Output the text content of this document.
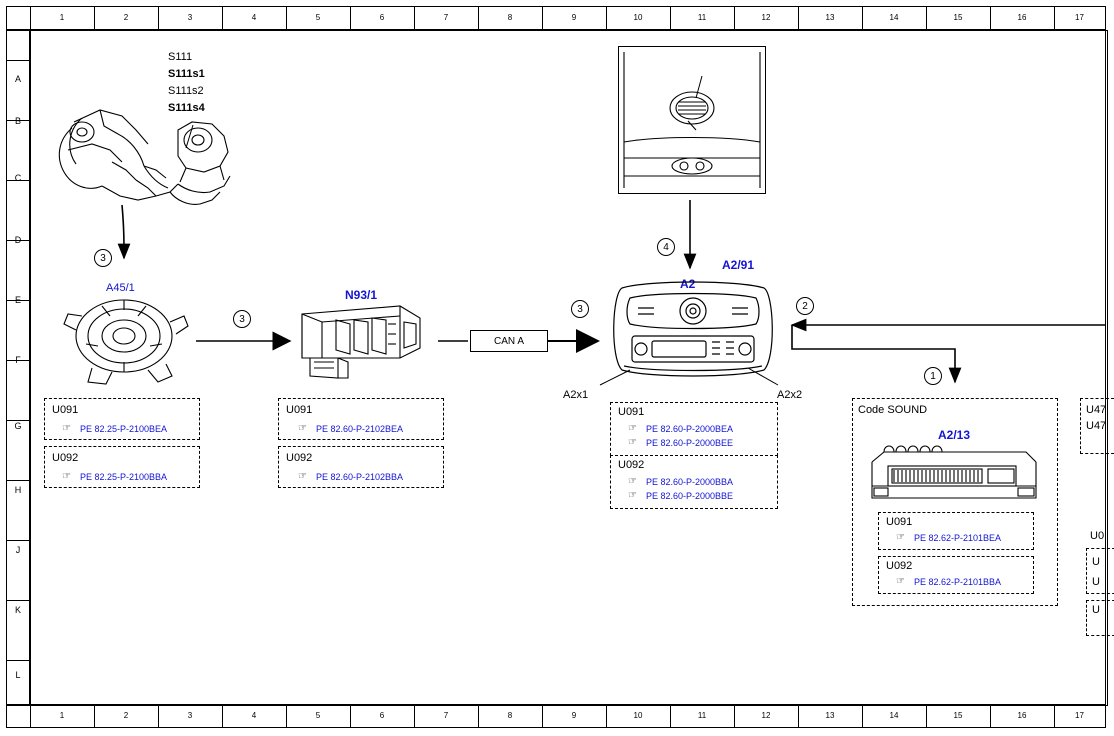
1	2	3	4	5	6	7	8	9	10	11	12	13	14	15	16	17
1	2	3	4	5	6	7	8	9	10	11	12	13	14	15	16	17
A
B
C
D
E
F
G
H
J
K
L
S111
S111s1
S111s2
S111s4
A45/1	N93/1
A2
A2/91
A2x1	A2x2
Code SOUND
A2/13
CAN A
3
3
3
4
2
1
U091
☞ PE 82.25-P-2100BEA
U092
☞ PE 82.25-P-2100BBA
U091
☞ PE 82.60-P-2102BEA
U092
☞ PE 82.60-P-2102BBA
U091
☞ PE 82.60-P-2000BEA
☞ PE 82.60-P-2000BEE
U092
☞ PE 82.60-P-2000BBA
☞ PE 82.60-P-2000BBE
U091
☞ PE 82.62-P-2101BEA
U092
☞ PE 82.62-P-2101BBA
U47
U47
U0
U
U
U
